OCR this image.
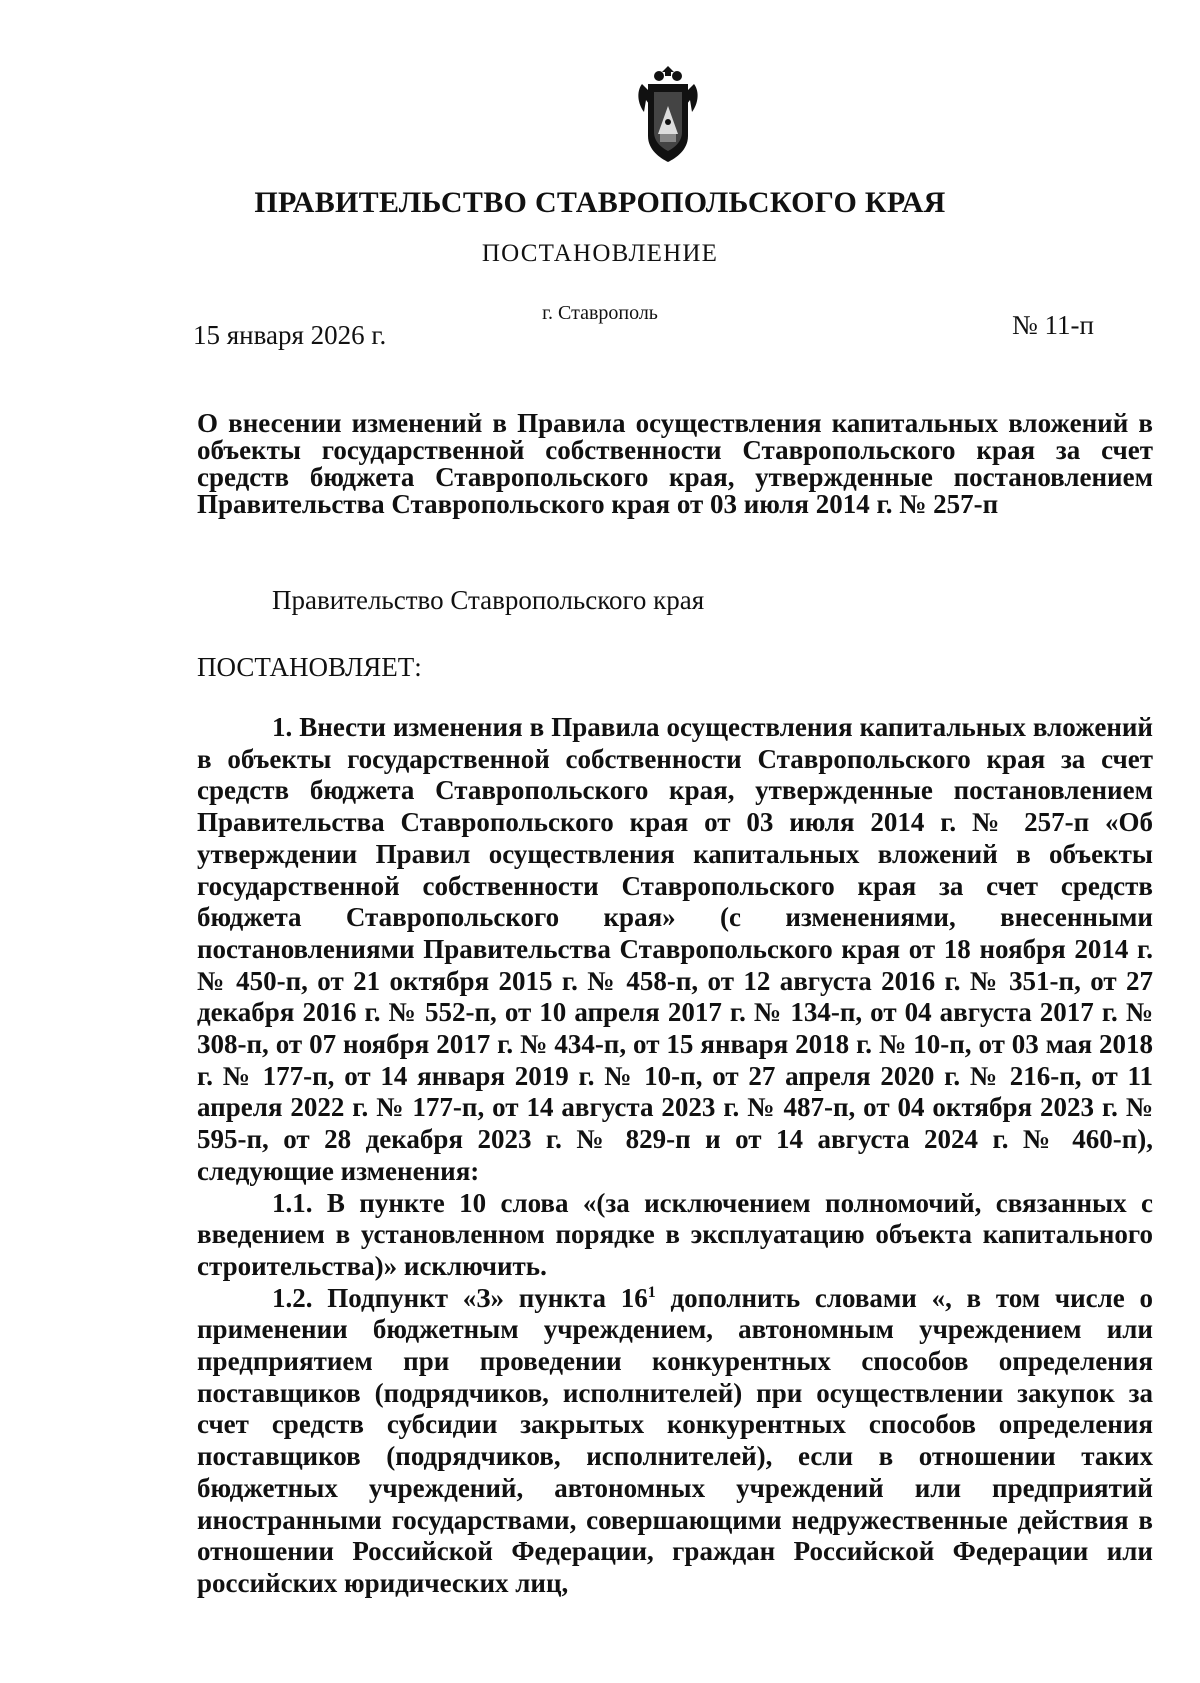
ПРАВИТЕЛЬСТВО СТАВРОПОЛЬСКОГО КРАЯ
ПОСТАНОВЛЕНИЕ
г. Ставрополь
15 января 2026 г.	№ 11-п
О внесении изменений в Правила осуществления капитальных вложений в объекты государственной собственности Ставропольского края за счет средств бюджета Ставропольского края, утвержденные постановлением Правительства Ставропольского края от 03 июля 2014 г. № 257-п
Правительство Ставропольского края
ПОСТАНОВЛЯЕТ:

1. Внести изменения в Правила осуществления капитальных вложений в объекты государственной собственности Ставропольского края за счет средств бюджета Ставропольского края, утвержденные постановлением Правительства Ставропольского края от 03 июля 2014 г. № 257-п «Об утверждении Правил осуществления капитальных вложений в объекты государственной собственности Ставропольского края за счет средств бюджета Ставропольского края» (с изменениями, внесенными постановлениями Правительства Ставропольского края от 18 ноября 2014 г. № 450-п, от 21 октября 2015 г. № 458-п, от 12 августа 2016 г. № 351-п, от 27 декабря 2016 г. № 552-п, от 10 апреля 2017 г. № 134-п, от 04 августа 2017 г. № 308-п, от 07 ноября 2017 г. № 434-п, от 15 января 2018 г. № 10-п, от 03 мая 2018 г. № 177-п, от 14 января 2019 г. № 10-п, от 27 апреля 2020 г. № 216-п, от 11 апреля 2022 г. № 177-п, от 14 августа 2023 г. № 487-п, от 04 октября 2023 г. № 595-п, от 28 декабря 2023 г. № 829-п и от 14 августа 2024 г. № 460-п), следующие изменения:

1.1. В пункте 10 слова «(за исключением полномочий, связанных с введением в установленном порядке в эксплуатацию объекта капитального строительства)» исключить.

1.2. Подпункт «З» пункта $16^1$ дополнить словами «, в том числе о применении бюджетным учреждением, автономным учреждением или предприятием при проведении конкурентных способов определения поставщиков (подрядчиков, исполнителей) при осуществлении закупок за счет средств субсидии закрытых конкурентных способов определения поставщиков (подрядчиков, исполнителей), если в отношении таких бюджетных учреждений, автономных учреждений или предприятий иностранными государствами, совершающими недружественные действия в отношении Российской Федерации, граждан Российской Федерации или российских юридических лиц,
